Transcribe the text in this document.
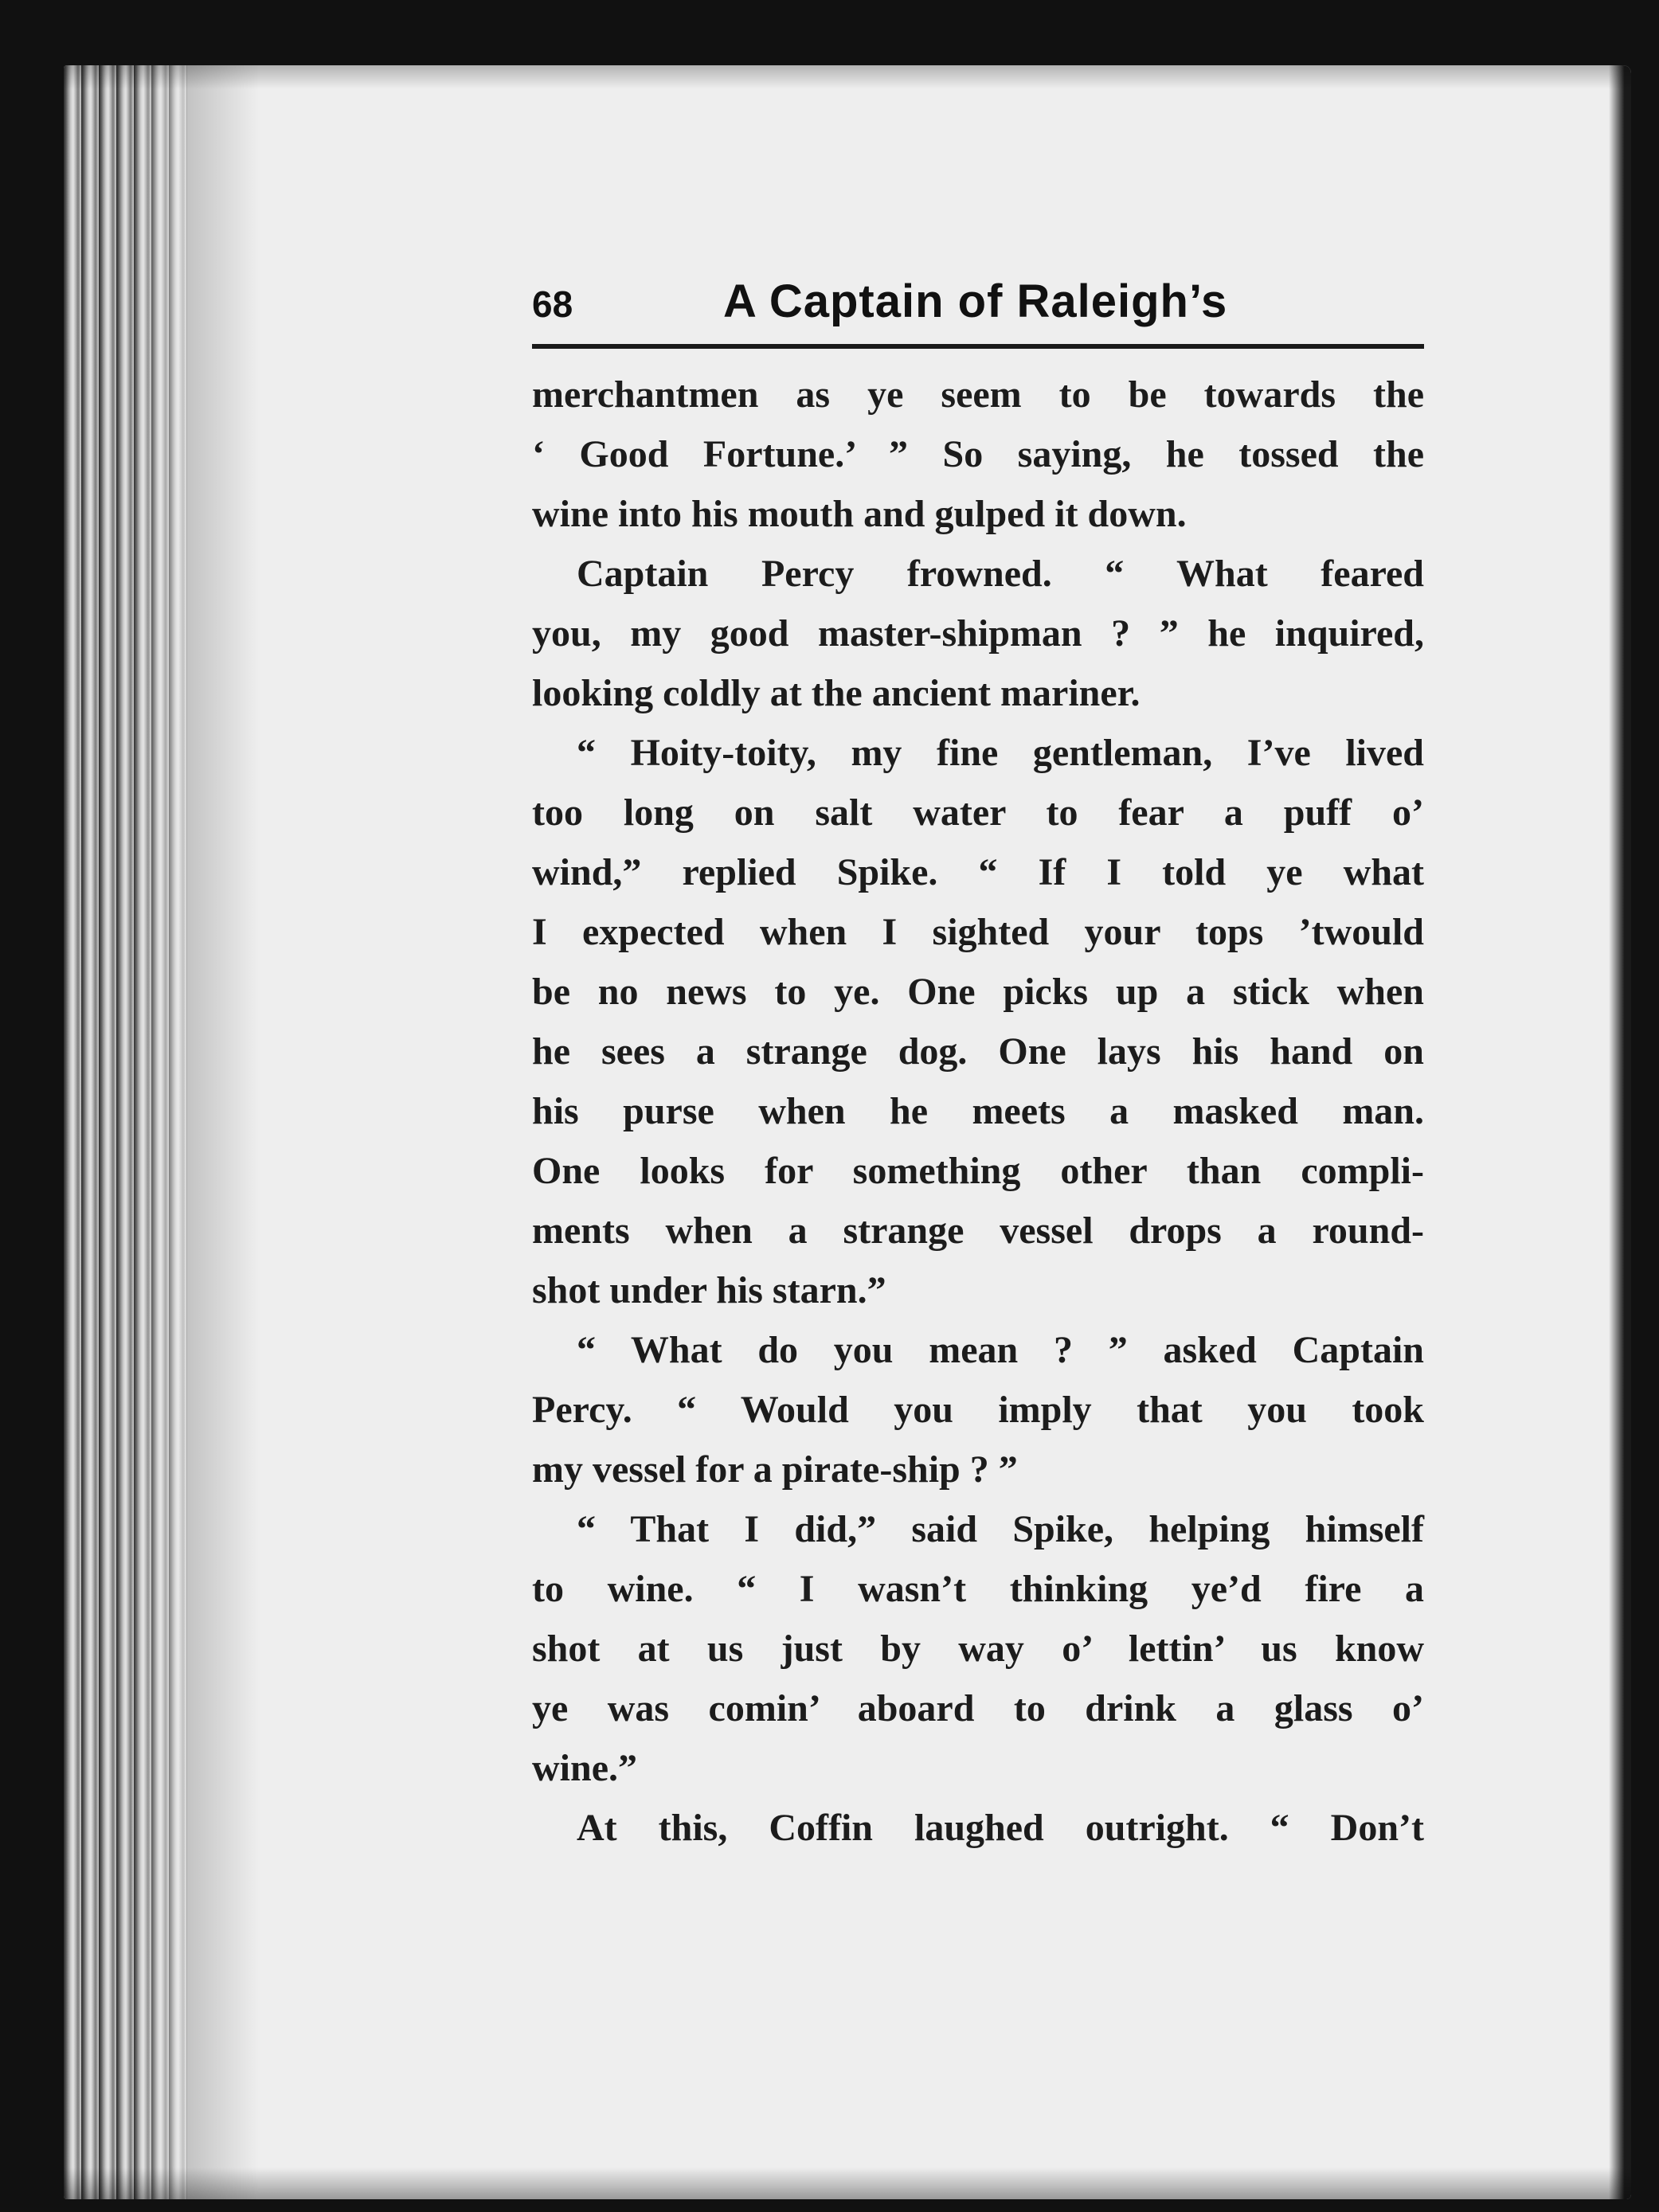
68	A Captain of Raleigh’s
merchantmen as ye seem to be towards the
‘ Good Fortune.’ ” So saying, he tossed the
wine into his mouth and gulped it down.
Captain Percy frowned. “ What feared
you, my good master-shipman ? ” he inquired,
looking coldly at the ancient mariner.
“ Hoity-toity, my fine gentleman, I’ve lived
too long on salt water to fear a puff o’
wind,” replied Spike. “ If I told ye what
I expected when I sighted your tops ’twould
be no news to ye. One picks up a stick when
he sees a strange dog. One lays his hand on
his purse when he meets a masked man.
One looks for something other than compli-
ments when a strange vessel drops a round-
shot under his starn.”
“ What do you mean ? ” asked Captain
Percy. “ Would you imply that you took
my vessel for a pirate-ship ? ”
“ That I did,” said Spike, helping himself
to wine. “ I wasn’t thinking ye’d fire a
shot at us just by way o’ lettin’ us know
ye was comin’ aboard to drink a glass o’
wine.”
At this, Coffin laughed outright. “ Don’t
